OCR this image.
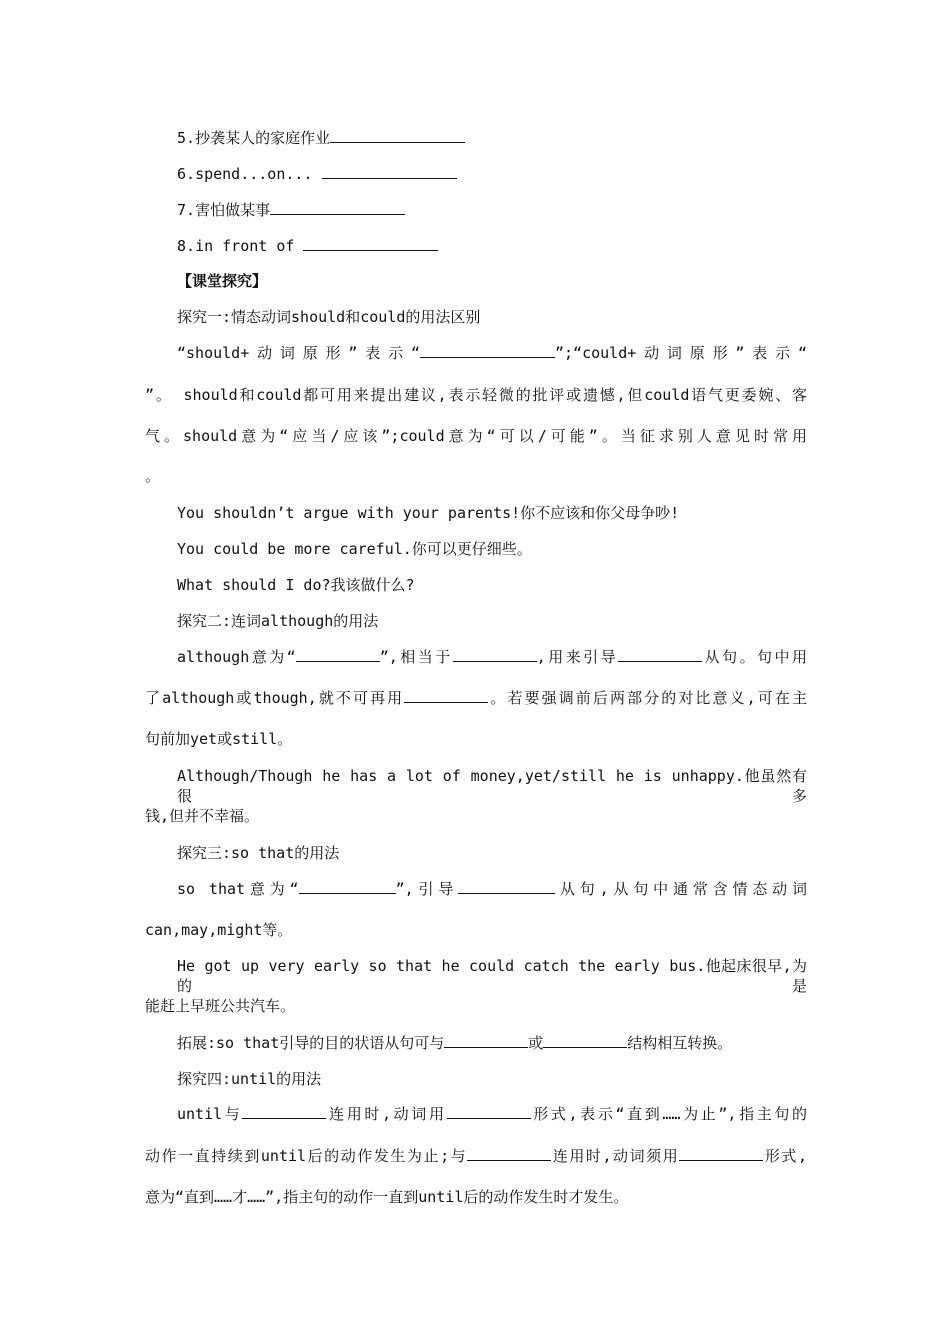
5.抄袭某人的家庭作业
6.spend...on...
7.害怕做某事
8.in front of
【课堂探究】
探究一:情态动词should和could的用法区别
“should+动词原形”表示“	”;“could+动词原形”表示“
”。 should和could都可用来提出建议,表示轻微的批评或遗憾,但could语气更委婉、客
气。should意为“应当/应该”;could意为“可以/可能”。当征求别人意见时常用
。
You shouldn’t argue with your parents!你不应该和你父母争吵!
You could be more careful.你可以更仔细些。
What should I do?我该做什么?
探究二:连词although的用法
although意为“	”,相当于	,用来引导	从句。句中用
了although或though,就不可再用	。若要强调前后两部分的对比意义,可在主
句前加yet或still。
Although/Though he has a lot of money,yet/still he is unhappy.他虽然有很多
钱,但并不幸福。
探究三:so that的用法
so that意为“	”,引导	从句,从句中通常含情态动词
can,may,might等。
He got up very early so that he could catch the early bus.他起床很早,为的是
能赶上早班公共汽车。
拓展:so that引导的目的状语从句可与	或	结构相互转换。
探究四:until的用法
until与	连用时,动词用	形式,表示“直到……为止”,指主句的
动作一直持续到until后的动作发生为止;与	连用时,动词须用	形式,
意为“直到……才……”,指主句的动作一直到until后的动作发生时才发生。
